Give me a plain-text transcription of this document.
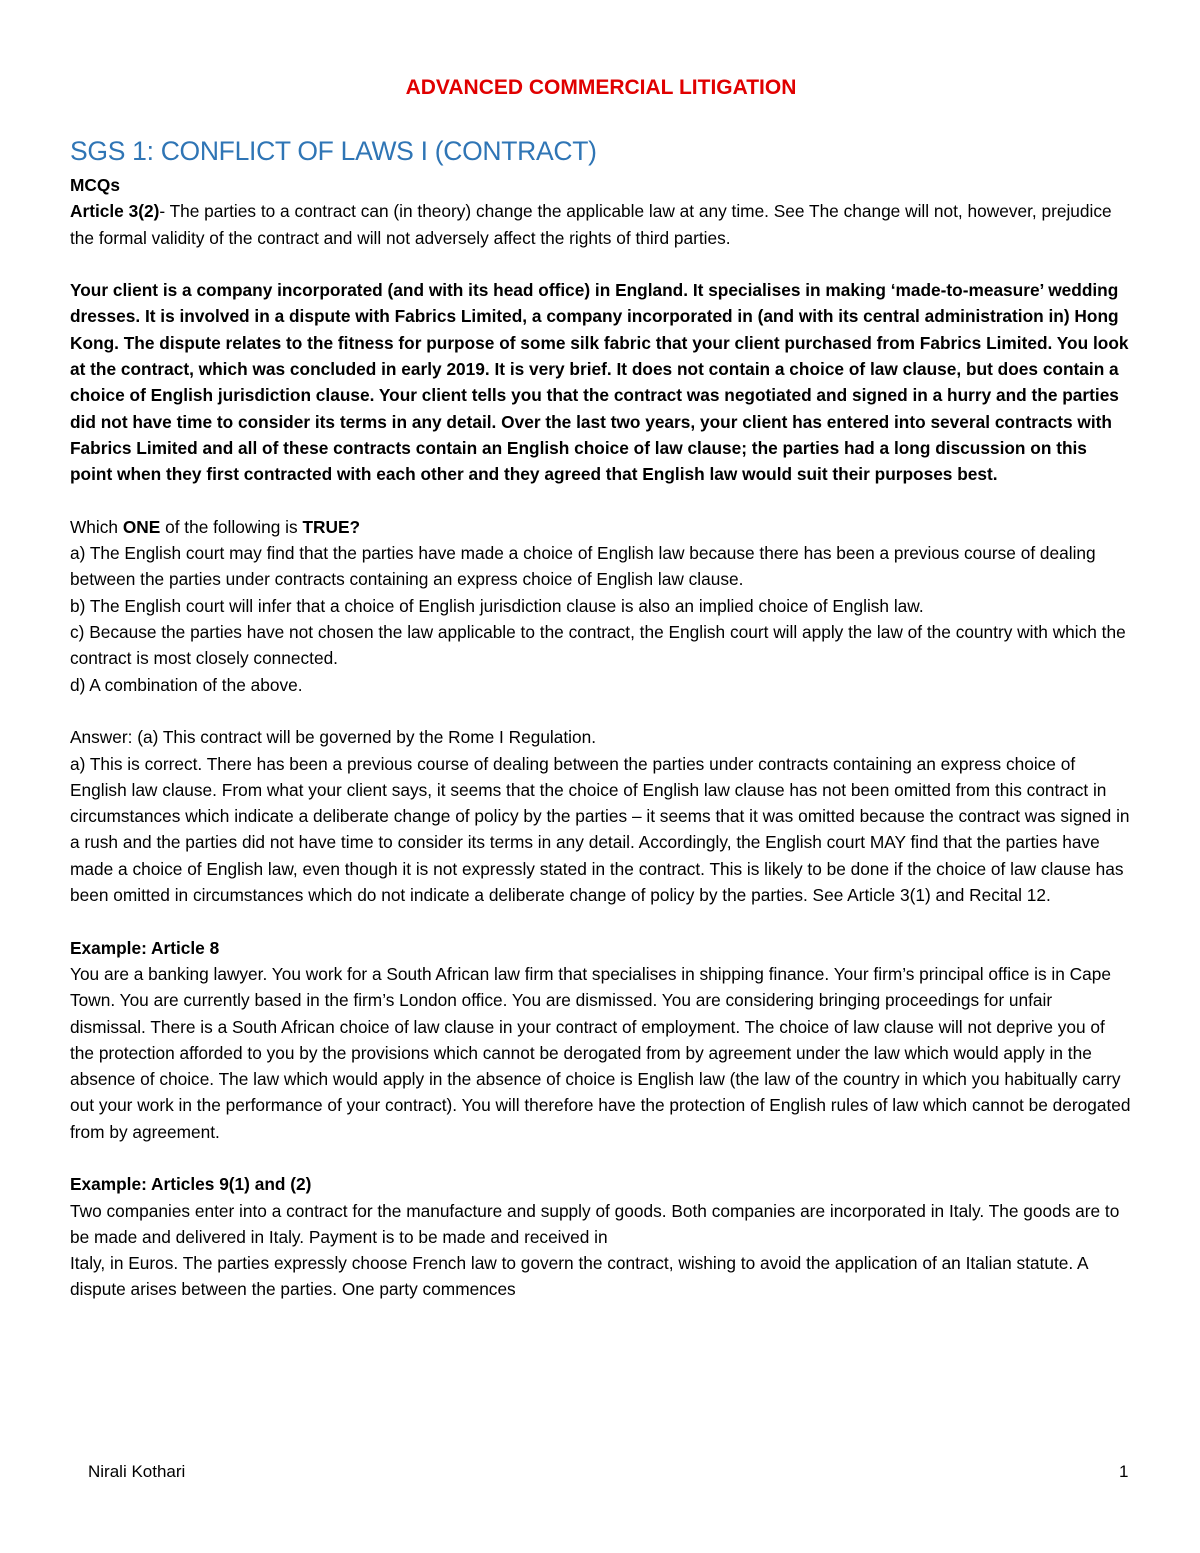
ADVANCED COMMERCIAL LITIGATION
SGS 1: CONFLICT OF LAWS I (CONTRACT)

MCQs

Article 3(2)- The parties to a contract can (in theory) change the applicable law at any time. See The change will not, however, prejudice the formal validity of the contract and will not adversely affect the rights of third parties.

Your client is a company incorporated (and with its head office) in England. It specialises in making ‘made-to-measure’ wedding dresses. It is involved in a dispute with Fabrics Limited, a company incorporated in (and with its central administration in) Hong Kong. The dispute relates to the fitness for purpose of some silk fabric that your client purchased from Fabrics Limited. You look at the contract, which was concluded in early 2019. It is very brief. It does not contain a choice of law clause, but does contain a choice of English jurisdiction clause. Your client tells you that the contract was negotiated and signed in a hurry and the parties did not have time to consider its terms in any detail. Over the last two years, your client has entered into several contracts with Fabrics Limited and all of these contracts contain an English choice of law clause; the parties had a long discussion on this point when they first contracted with each other and they agreed that English law would suit their purposes best.

Which ONE of the following is TRUE?

a) The English court may find that the parties have made a choice of English law because there has been a previous course of dealing between the parties under contracts containing an express choice of English law clause.

b) The English court will infer that a choice of English jurisdiction clause is also an implied choice of English law.

c) Because the parties have not chosen the law applicable to the contract, the English court will apply the law of the country with which the contract is most closely connected.

d) A combination of the above.

Answer: (a) This contract will be governed by the Rome I Regulation.

a) This is correct. There has been a previous course of dealing between the parties under contracts containing an express choice of English law clause. From what your client says, it seems that the choice of English law clause has not been omitted from this contract in circumstances which indicate a deliberate change of policy by the parties – it seems that it was omitted because the contract was signed in a rush and the parties did not have time to consider its terms in any detail. Accordingly, the English court MAY find that the parties have made a choice of English law, even though it is not expressly stated in the contract. This is likely to be done if the choice of law clause has been omitted in circumstances which do not indicate a deliberate change of policy by the parties. See Article 3(1) and Recital 12.

Example: Article 8

You are a banking lawyer. You work for a South African law firm that specialises in shipping finance. Your firm’s principal office is in Cape Town. You are currently based in the firm’s London office. You are dismissed. You are considering bringing proceedings for unfair dismissal. There is a South African choice of law clause in your contract of employment. The choice of law clause will not deprive you of the protection afforded to you by the provisions which cannot be derogated from by agreement under the law which would apply in the absence of choice. The law which would apply in the absence of choice is English law (the law of the country in which you habitually carry out your work in the performance of your contract). You will therefore have the protection of English rules of law which cannot be derogated from by agreement.

Example: Articles 9(1) and (2)

Two companies enter into a contract for the manufacture and supply of goods. Both companies are incorporated in Italy. The goods are to be made and delivered in Italy. Payment is to be made and received in

Italy, in Euros. The parties expressly choose French law to govern the contract, wishing to avoid the application of an Italian statute. A dispute arises between the parties. One party commences

Nirali Kothari	1
